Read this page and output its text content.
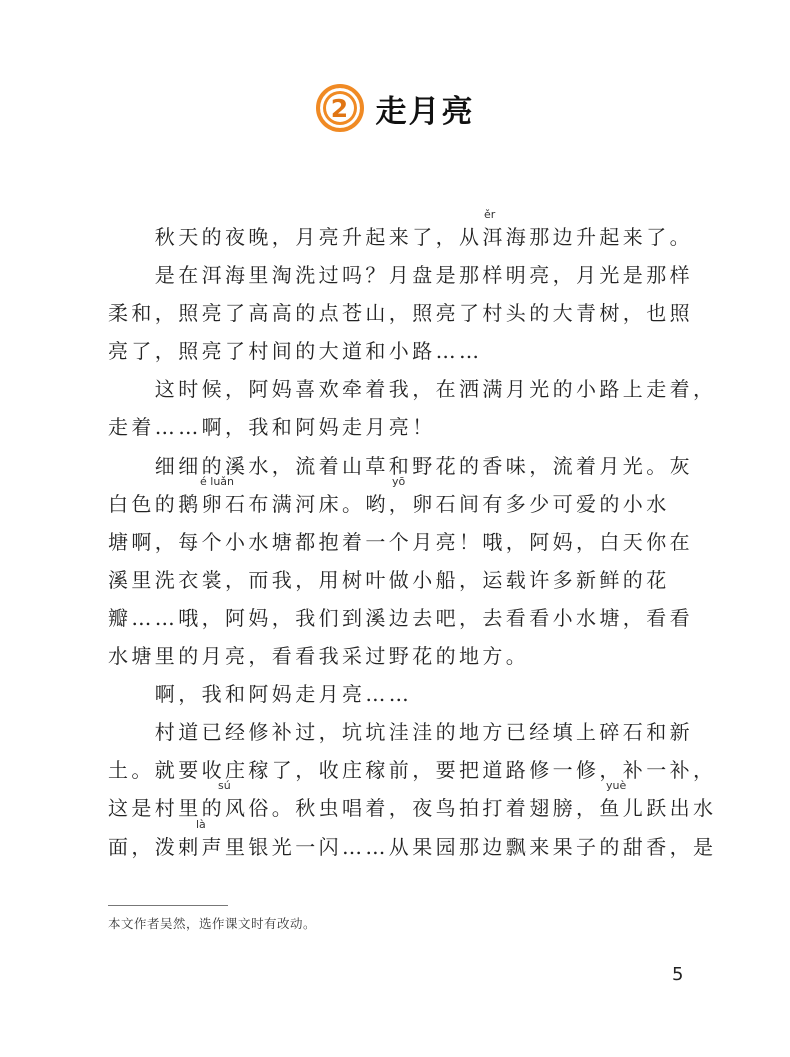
2 走月亮
　　秋天的夜晚，月亮升起来了，从洱海那边升起来了。
ěr
　　是在洱海里淘洗过吗？月盘是那样明亮，月光是那样
柔和，照亮了高高的点苍山，照亮了村头的大青树，也照
亮了，照亮了村间的大道和小路……
　　这时候，阿妈喜欢牵着我，在洒满月光的小路上走着，
走着……啊，我和阿妈走月亮！
　　细细的溪水，流着山草和野花的香味，流着月光。灰
白色的鹅卵石布满河床。哟，卵石间有多少可爱的小水
é luǎn	yō
塘啊，每个小水塘都抱着一个月亮！哦，阿妈，白天你在
溪里洗衣裳，而我，用树叶做小船，运载许多新鲜的花
瓣……哦，阿妈，我们到溪边去吧，去看看小水塘，看看
水塘里的月亮，看看我采过野花的地方。
　　啊，我和阿妈走月亮……
　　村道已经修补过，坑坑洼洼的地方已经填上碎石和新
土。就要收庄稼了，收庄稼前，要把道路修一修，补一补，
这是村里的风俗。秋虫唱着，夜鸟拍打着翅膀，鱼儿跃出水
sú	yuè
面，泼剌声里银光一闪……从果园那边飘来果子的甜香，是
là
本文作者吴然，选作课文时有改动。
5
